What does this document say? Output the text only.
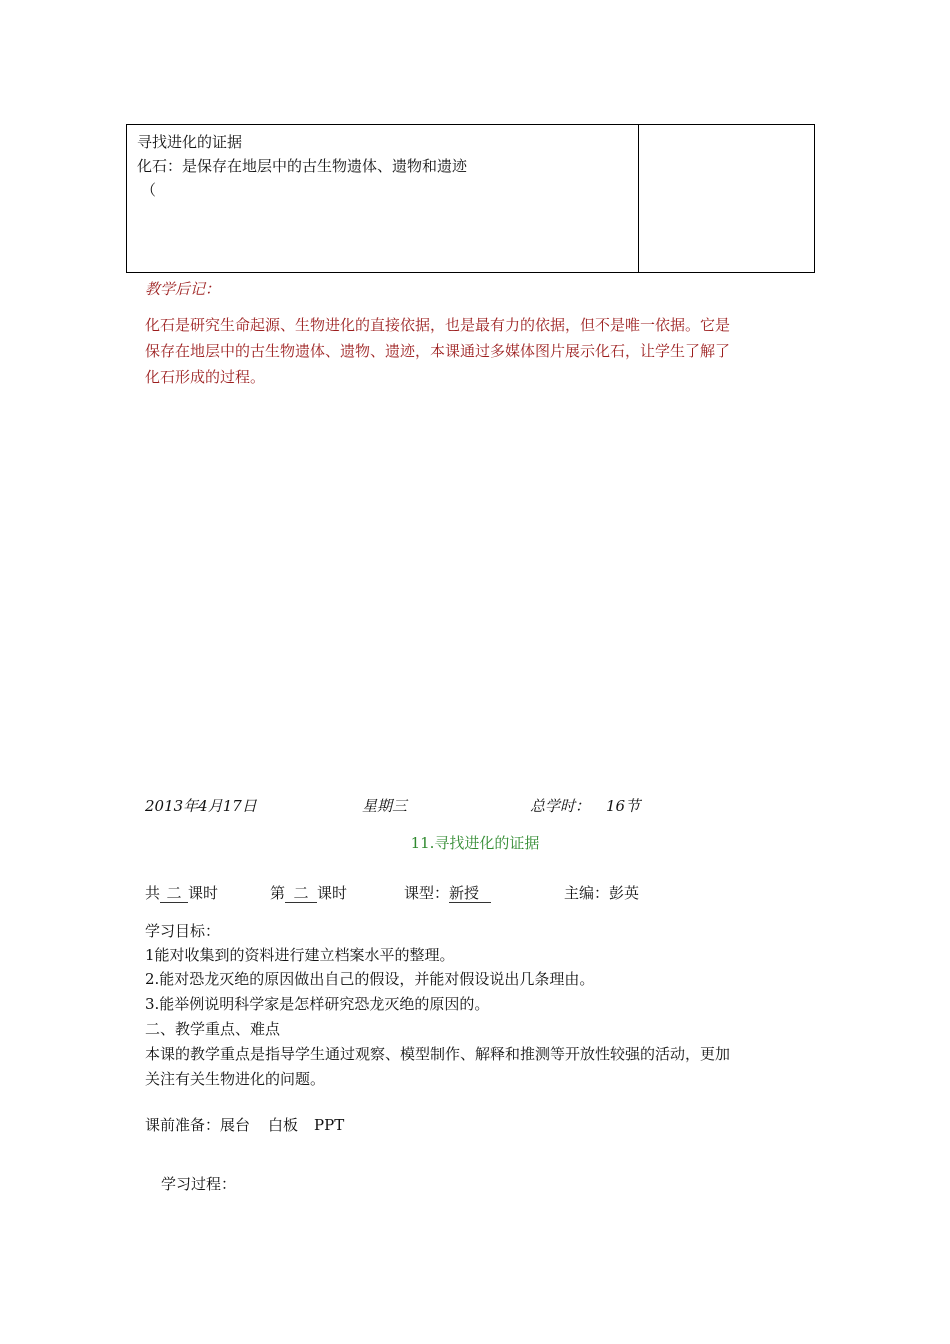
寻找进化的证据
化石：是保存在地层中的古生物遗体、遗物和遗迹
（
教学后记：
化石是研究生命起源、生物进化的直接依据，也是最有力的依据，但不是唯一依据。它是
保存在地层中的古生物遗体、遗物、遗迹，本课通过多媒体图片展示化石，让学生了解了
化石形成的过程。
2013年4月17日	星期三	总学时： 16节
11.寻找进化的证据
共 二 课时	第 二 课时	课型：新授	主编：彭英
学习目标：
1能对收集到的资料进行建立档案水平的整理。
2.能对恐龙灭绝的原因做出自己的假设，并能对假设说出几条理由。
3.能举例说明科学家是怎样研究恐龙灭绝的原因的。
二、教学重点、难点
本课的教学重点是指导学生通过观察、模型制作、解释和推测等开放性较强的活动，更加
关注有关生物进化的问题。
课前准备：展台 白板 PPT
学习过程：
